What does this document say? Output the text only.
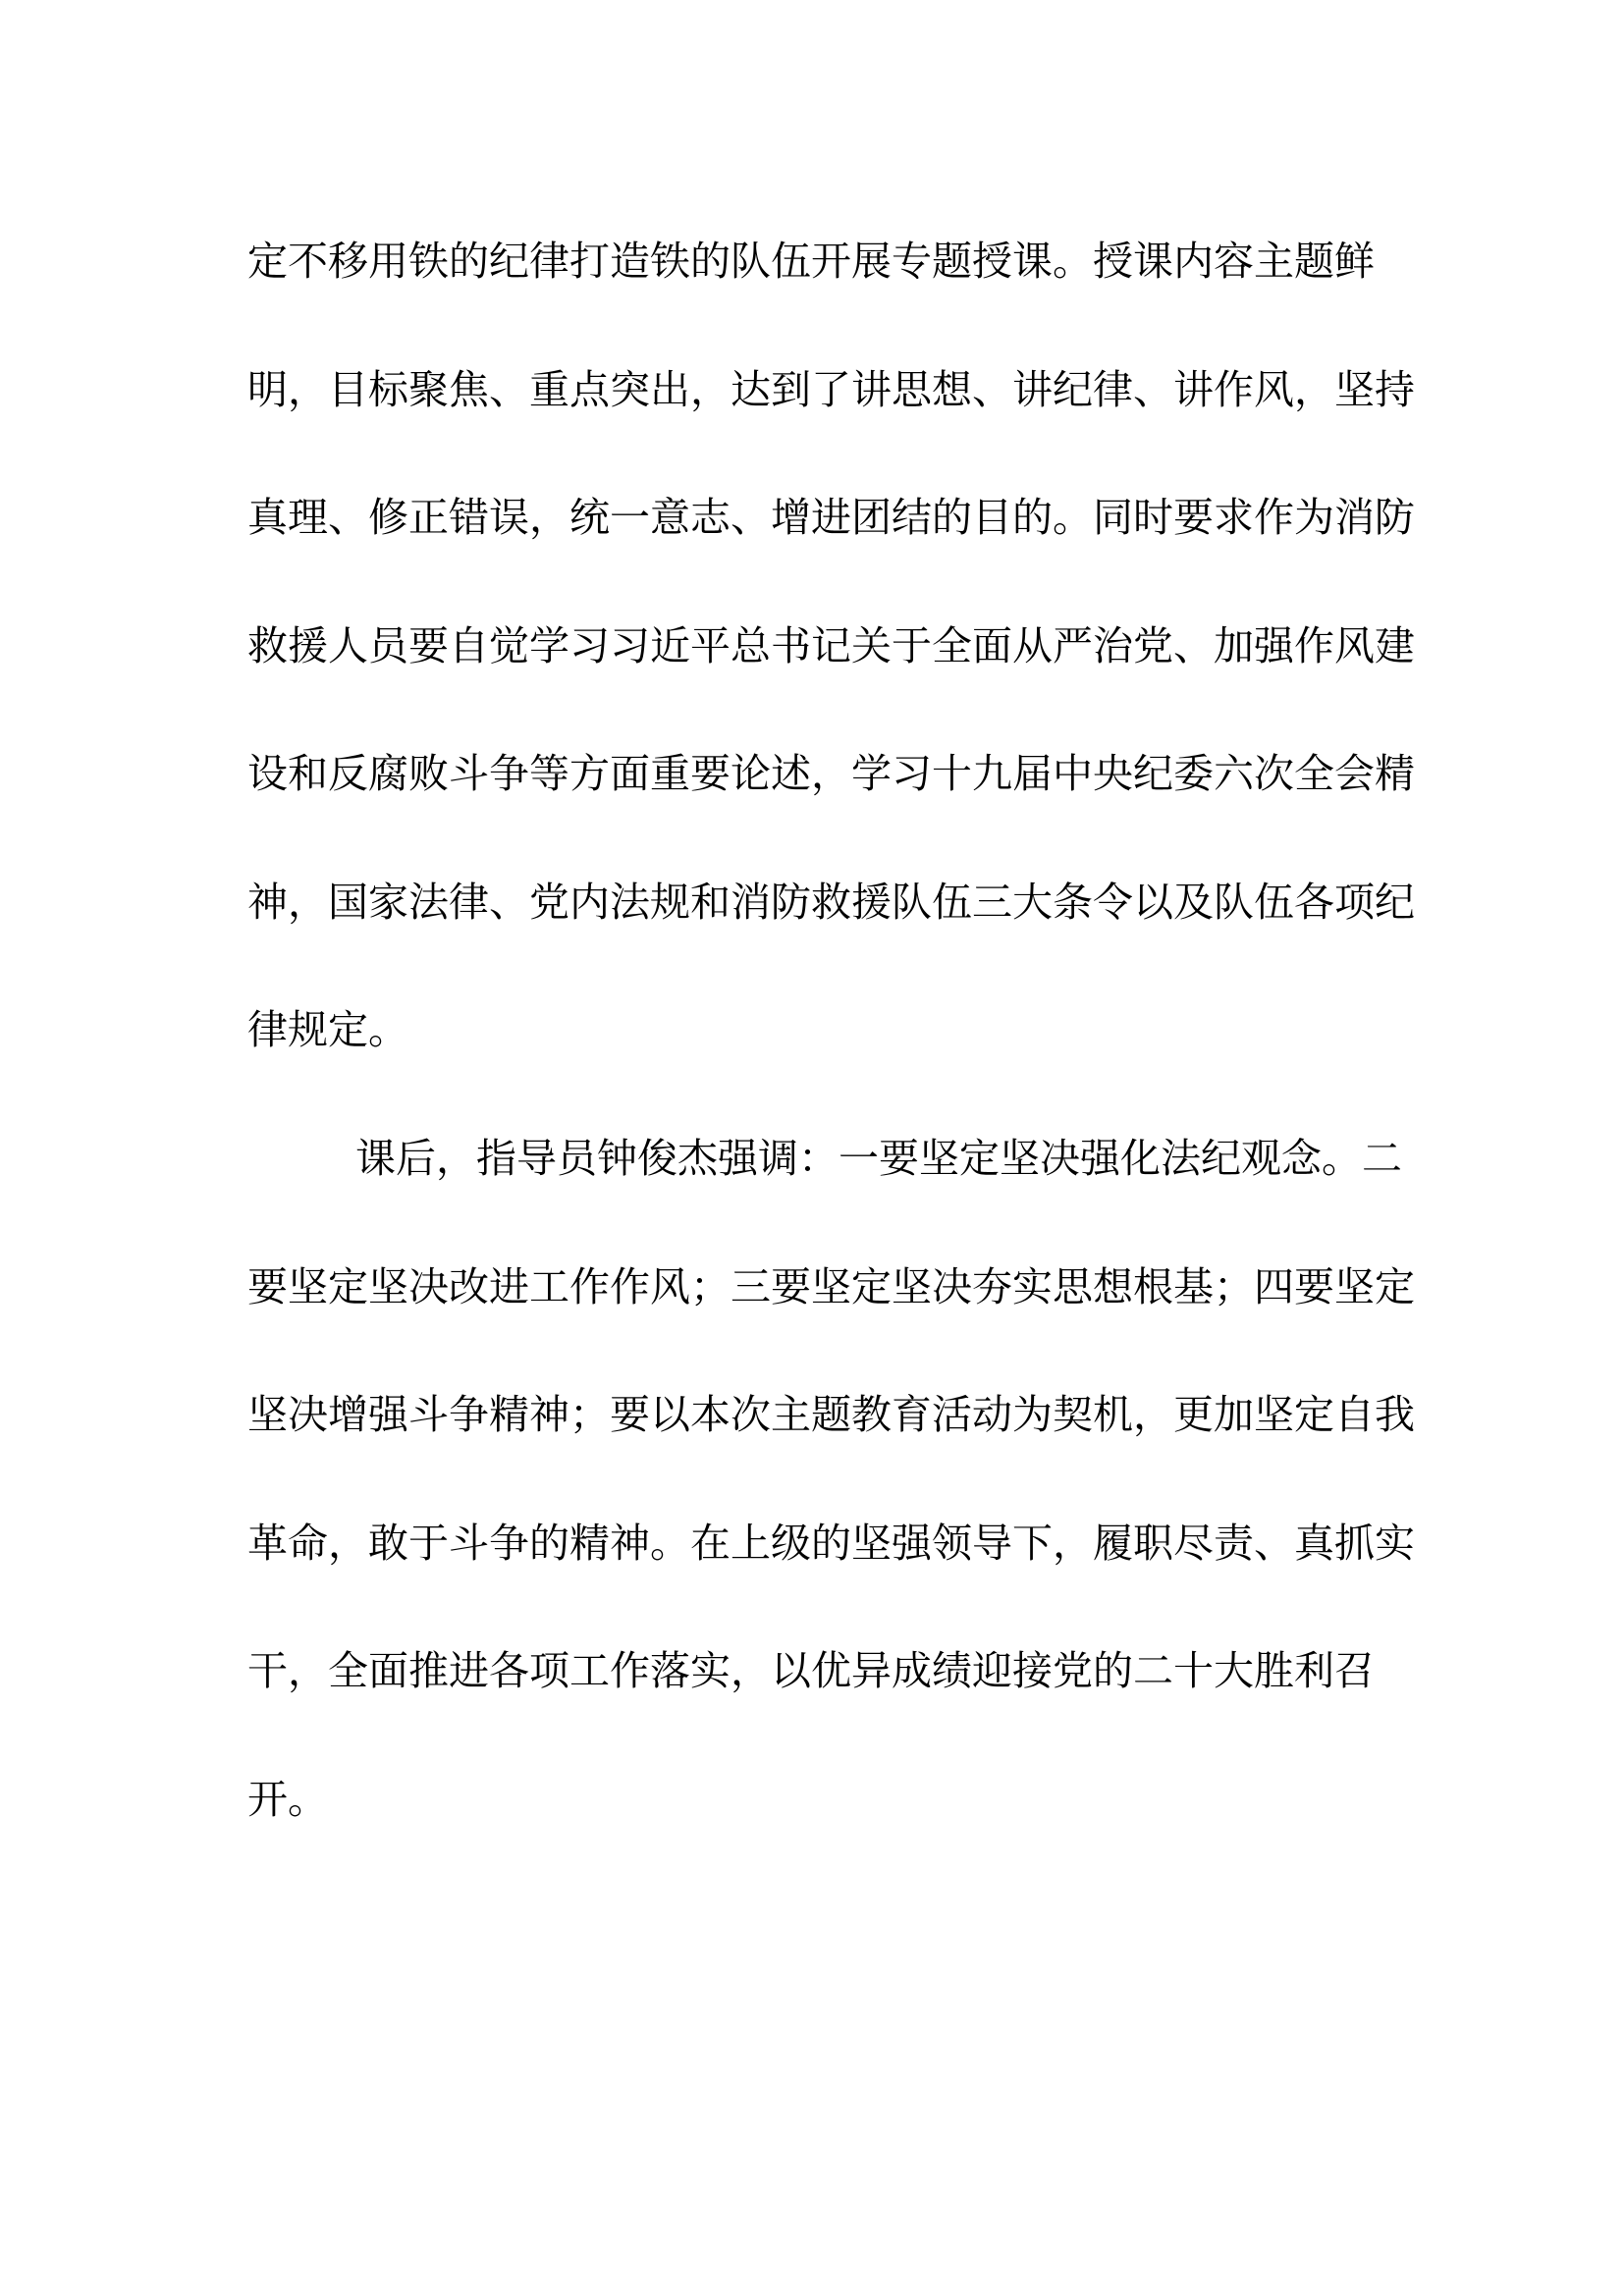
定不移用铁的纪律打造铁的队伍开展专题授课。授课内容主题鲜
明，目标聚焦、重点突出，达到了讲思想、讲纪律、讲作风，坚持
真理、修正错误，统一意志、增进团结的目的。同时要求作为消防
救援人员要自觉学习习近平总书记关于全面从严治党、加强作风建
设和反腐败斗争等方面重要论述，学习十九届中央纪委六次全会精
神，国家法律、党内法规和消防救援队伍三大条令以及队伍各项纪
律规定。
课后，指导员钟俊杰强调：一要坚定坚决强化法纪观念。二
要坚定坚决改进工作作风；三要坚定坚决夯实思想根基；四要坚定
坚决增强斗争精神；要以本次主题教育活动为契机，更加坚定自我
革命，敢于斗争的精神。在上级的坚强领导下，履职尽责、真抓实
干，全面推进各项工作落实，以优异成绩迎接党的二十大胜利召
开。
